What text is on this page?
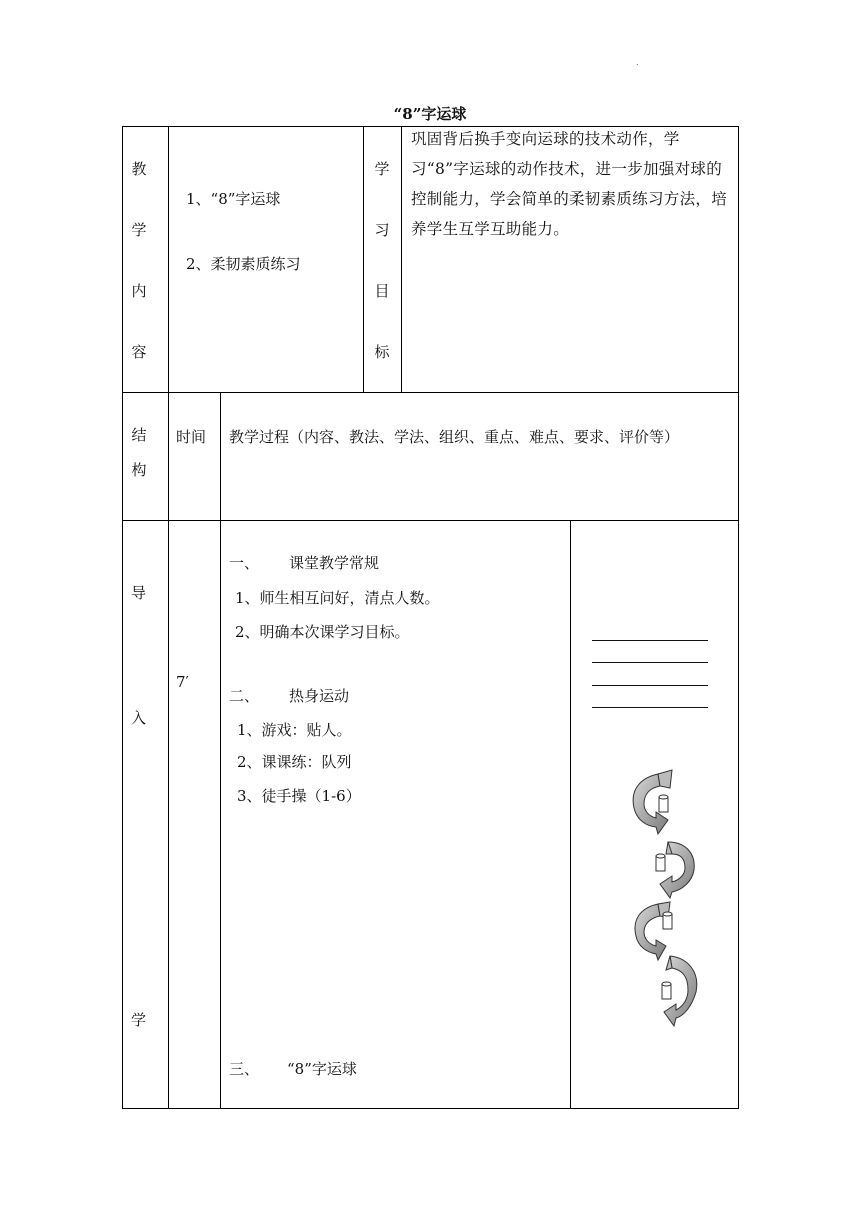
.
“8”字运球
教
学
内
容
1、“8”字运球
2、柔韧素质练习
学
习
目
标
巩固背后换手变向运球的技术动作，学习“8”字运球的动作技术，进一步加强对球的控制能力，学会简单的柔韧素质练习方法，培养学生互学互助能力。
结
构
时间 教学过程（内容、教法、学法、组织、重点、难点、要求、评价等）
导
入
学
7′
一、 课堂教学常规
1、师生相互问好，清点人数。
2、明确本次课学习目标。
二、 热身运动
1、游戏：贴人。
2、课课练：队列
3、徒手操（1-6）
三、 “8”字运球
